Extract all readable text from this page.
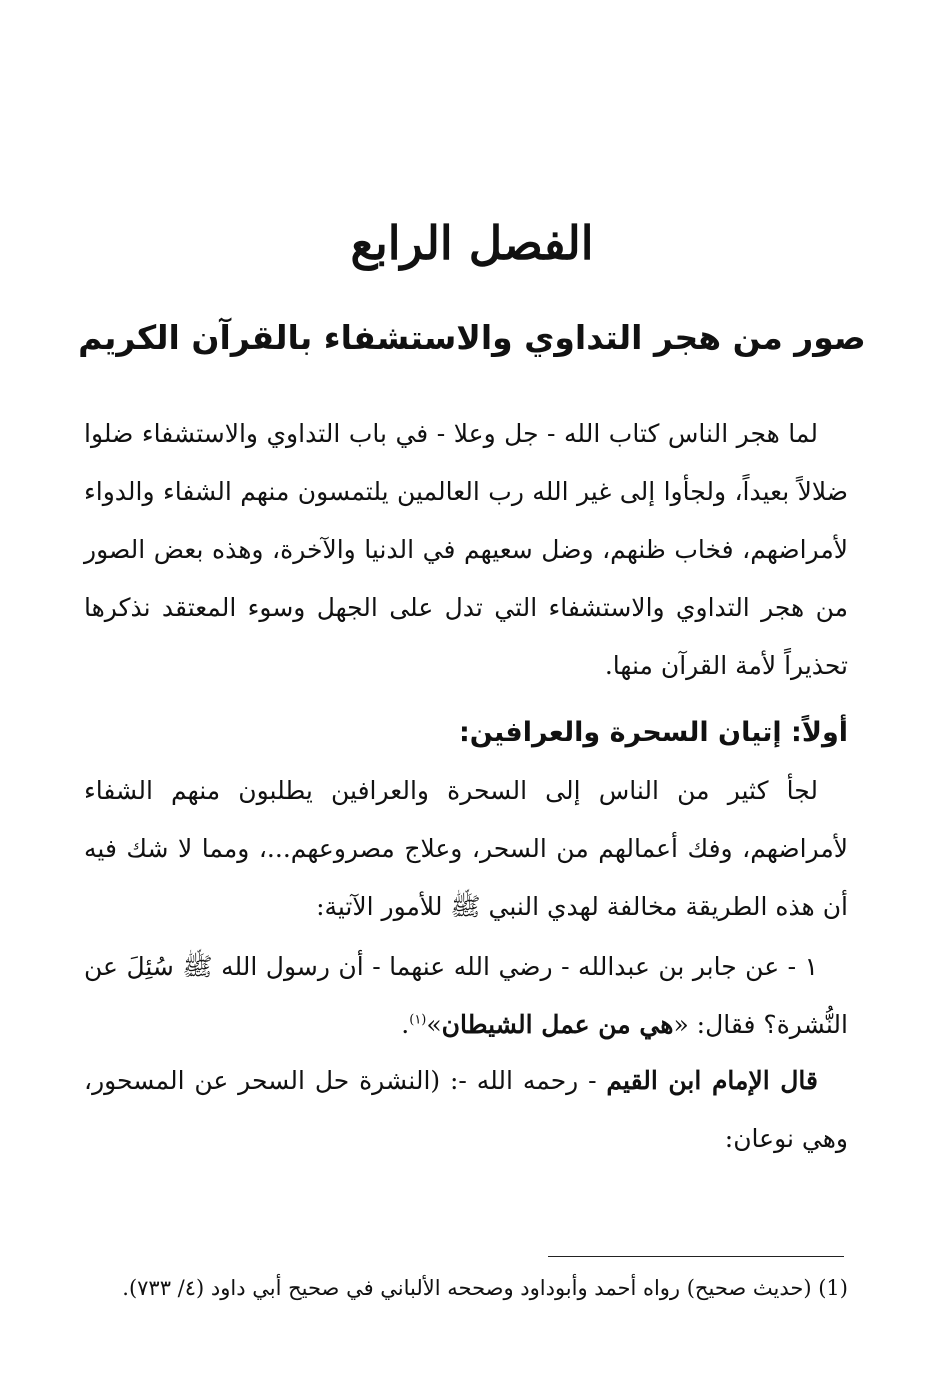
الفصل الرابع
صور من هجر التداوي والاستشفاء بالقرآن الكريم

لما هجر الناس كتاب الله - جل وعلا - في باب التداوي والاستشفاء ضلوا ضلالاً بعيداً، ولجأوا إلى غير الله رب العالمين يلتمسون منهم الشفاء والدواء لأمراضهم، فخاب ظنهم، وضل سعيهم في الدنيا والآخرة، وهذه بعض الصور من هجر التداوي والاستشفاء التي تدل على الجهل وسوء المعتقد نذكرها تحذيراً لأمة القرآن منها.

أولاً: إتيان السحرة والعرافين:

لجأ كثير من الناس إلى السحرة والعرافين يطلبون منهم الشفاء لأمراضهم، وفك أعمالهم من السحر، وعلاج مصروعهم...، ومما لا شك فيه أن هذه الطريقة مخالفة لهدي النبي ﷺ للأمور الآتية:

١ - عن جابر بن عبدالله - رضي الله عنهما - أن رسول الله ﷺ سُئِلَ عن النُّشرة؟ فقال: «هي من عمل الشيطان»$^{(١)}$.

قال الإمام ابن القيم - رحمه الله -: (النشرة حل السحر عن المسحور، وهي نوعان:

(1) (حديث صحيح) رواه أحمد وأبوداود وصححه الألباني في صحيح أبي داود (٤/ ٧٣٣).
